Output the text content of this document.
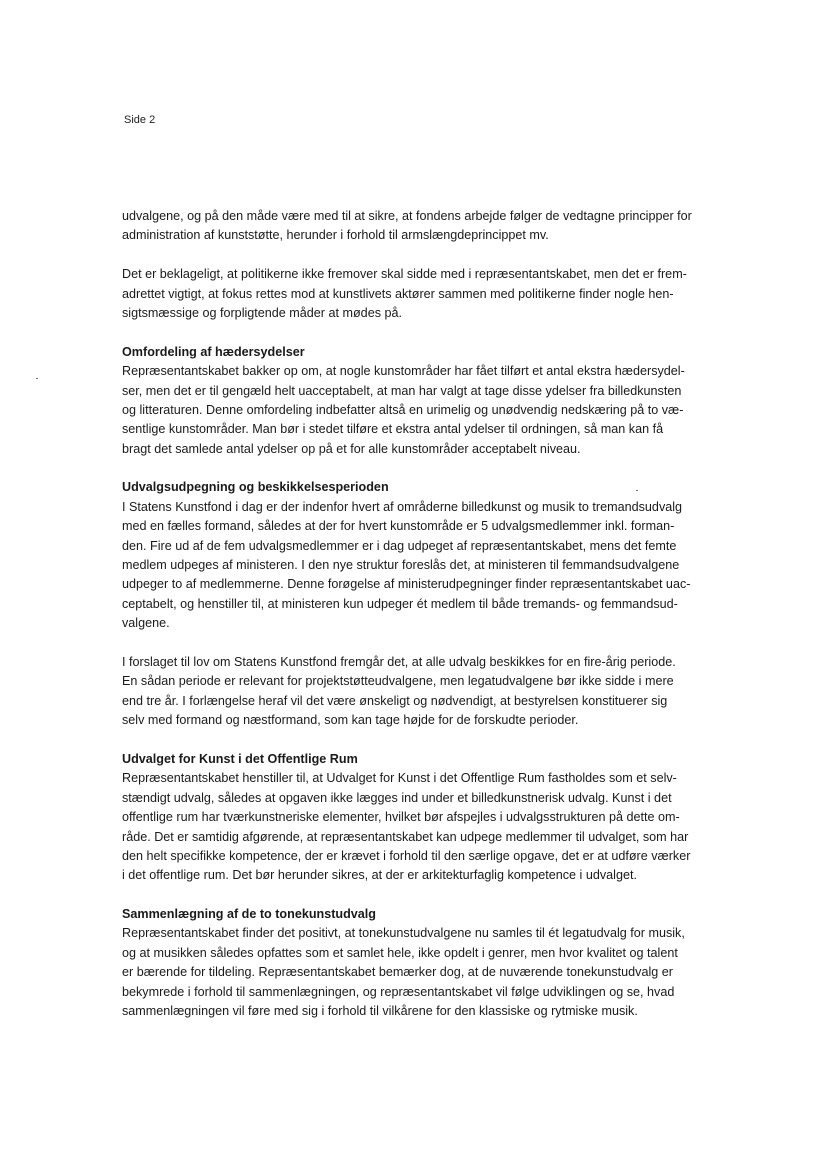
Side 2
udvalgene, og på den måde være med til at sikre, at fondens arbejde følger de vedtagne principper for
administration af kunststøtte, herunder i forhold til armslængdeprincippet mv.
Det er beklageligt, at politikerne ikke fremover skal sidde med i repræsentantskabet, men det er frem-
adrettet vigtigt, at fokus rettes mod at kunstlivets aktører sammen med politikerne finder nogle hen-
sigtsmæssige og forpligtende måder at mødes på.
Omfordeling af hædersydelser
Repræsentantskabet bakker op om, at nogle kunstområder har fået tilført et antal ekstra hædersydel-
ser, men det er til gengæld helt uacceptabelt, at man har valgt at tage disse ydelser fra billedkunsten
og litteraturen. Denne omfordeling indbefatter altså en urimelig og unødvendig nedskæring på to væ-
sentlige kunstområder. Man bør i stedet tilføre et ekstra antal ydelser til ordningen, så man kan få
bragt det samlede antal ydelser op på et for alle kunstområder acceptabelt niveau.
Udvalgsudpegning og beskikkelsesperioden
I Statens Kunstfond i dag er der indenfor hvert af områderne billedkunst og musik to tremandsudvalg
med en fælles formand, således at der for hvert kunstområde er 5 udvalgsmedlemmer inkl. forman-
den. Fire ud af de fem udvalgsmedlemmer er i dag udpeget af repræsentantskabet, mens det femte
medlem udpeges af ministeren. I den nye struktur foreslås det, at ministeren til femmandsudvalgene
udpeger to af medlemmerne. Denne forøgelse af ministerudpegninger finder repræsentantskabet uac-
ceptabelt, og henstiller til, at ministeren kun udpeger ét medlem til både tremands- og femmandsud-
valgene.
I forslaget til lov om Statens Kunstfond fremgår det, at alle udvalg beskikkes for en fire-årig periode.
En sådan periode er relevant for projektstøtteudvalgene, men legatudvalgene bør ikke sidde i mere
end tre år. I forlængelse heraf vil det være ønskeligt og nødvendigt, at bestyrelsen konstituerer sig
selv med formand og næstformand, som kan tage højde for de forskudte perioder.
Udvalget for Kunst i det Offentlige Rum
Repræsentantskabet henstiller til, at Udvalget for Kunst i det Offentlige Rum fastholdes som et selv-
stændigt udvalg, således at opgaven ikke lægges ind under et billedkunstnerisk udvalg. Kunst i det
offentlige rum har tværkunstneriske elementer, hvilket bør afspejles i udvalgsstrukturen på dette om-
råde. Det er samtidig afgørende, at repræsentantskabet kan udpege medlemmer til udvalget, som har
den helt specifikke kompetence, der er krævet i forhold til den særlige opgave, det er at udføre værker
i det offentlige rum. Det bør herunder sikres, at der er arkitekturfaglig kompetence i udvalget.
Sammenlægning af de to tonekunstudvalg
Repræsentantskabet finder det positivt, at tonekunstudvalgene nu samles til ét legatudvalg for musik,
og at musikken således opfattes som et samlet hele, ikke opdelt i genrer, men hvor kvalitet og talent
er bærende for tildeling. Repræsentantskabet bemærker dog, at de nuværende tonekunstudvalg er
bekymrede i forhold til sammenlægningen, og repræsentantskabet vil følge udviklingen og se, hvad
sammenlægningen vil føre med sig i forhold til vilkårene for den klassiske og rytmiske musik.
